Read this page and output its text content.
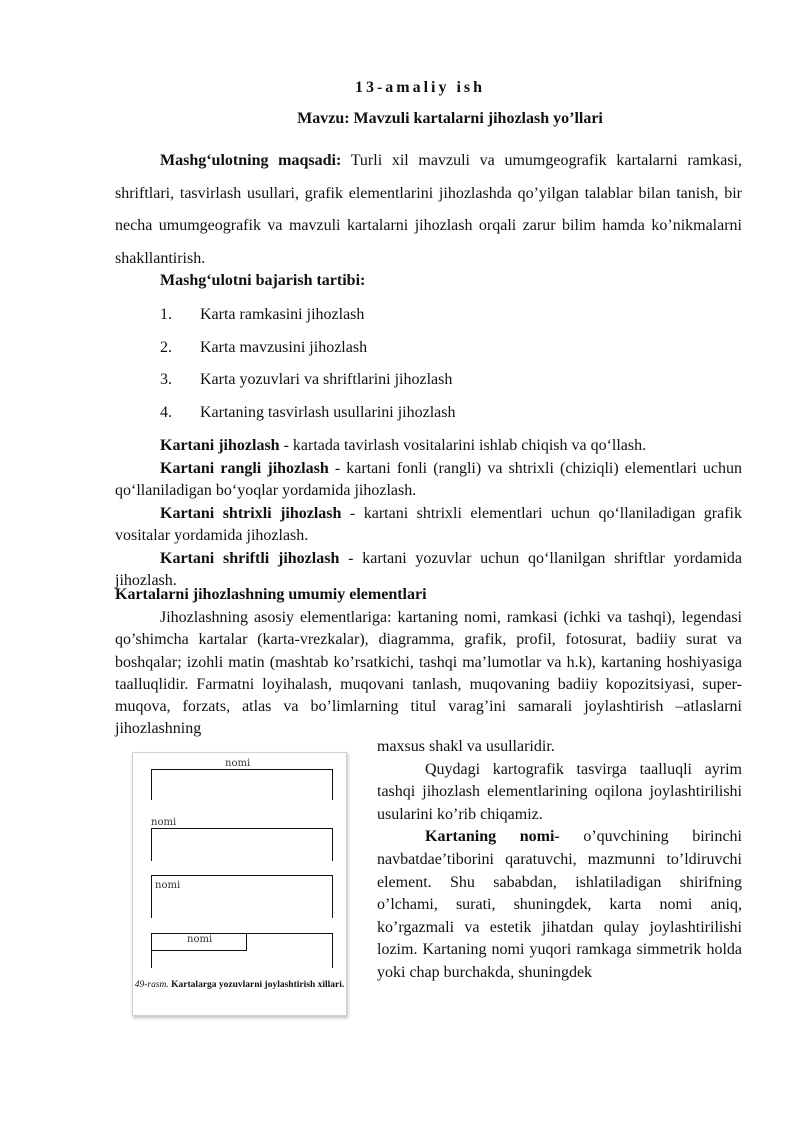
13-amaliy ish
Mavzu: Mavzuli kartalarni jihozlash yo’llari
Mashg‘ulotning maqsadi: Turli xil mavzuli va umumgeografik kartalarni ramkasi, shriftlari, tasvirlash usullari, grafik elementlarini jihozlashda qo’yilgan talablar bilan tanish, bir necha umumgeografik va mavzuli kartalarni jihozlash orqali zarur bilim hamda ko’nikmalarni shakllantirish.
Mashg‘ulotni bajarish tartibi:
1.	Karta ramkasini jihozlash
2.	Karta mavzusini jihozlash
3.	Karta yozuvlari va shriftlarini jihozlash
4.	Kartaning tasvirlash usullarini jihozlash

Kartani jihozlash - kartada tavirlash vositalarini ishlab chiqish va qo‘llash.

Kartani rangli jihozlash - kartani fonli (rangli) va shtrixli (chiziqli) elementlari uchun qo‘llaniladigan bo‘yoqlar yordamida jihozlash.

Kartani shtrixli jihozlash - kartani shtrixli elementlari uchun qo‘llaniladigan grafik vositalar yordamida jihozlash.

Kartani shriftli jihozlash - kartani yozuvlar uchun qo‘llanilgan shriftlar yordamida jihozlash.

Kartalarni jihozlashning umumiy elementlari

Jihozlashning asosiy elementlariga: kartaning nomi, ramkasi (ichki va tashqi), legendasi qo’shimcha kartalar (karta-vrezkalar), diagramma, grafik, profil, fotosurat, badiiy surat va boshqalar; izohli matin (mashtab ko’rsatkichi, tashqi ma’lumotlar va h.k), kartaning hoshiyasiga taalluqlidir. Farmatni loyihalash, muqovani tanlash, muqovaning badiiy kopozitsiyasi, super-muqova, forzats, atlas va bo’limlarning titul varag’ini samarali joylashtirish –atlaslarni jihozlashning

maxsus shakl va usullaridir.

Quydagi kartografik tasvirga taalluqli ayrim tashqi jihozlash elementlarining oqilona joylashtirilishi usularini ko’rib chiqamiz.

Kartaning nomi- o’quvchining birinchi navbatdae’tiborini qaratuvchi, mazmunni to’ldiruvchi element. Shu sababdan, ishlatiladigan shirifning o’lchami, surati, shuningdek, karta nomi aniq, ko’rgazmali va estetik jihatdan qulay joylashtirilishi lozim. Kartaning nomi yuqori ramkaga simmetrik holda yoki chap burchakda, shuningdek

nomi
nomi
nomi
nomi
49-rasm. Kartalarga yozuvlarni joylashtirish xillari.
